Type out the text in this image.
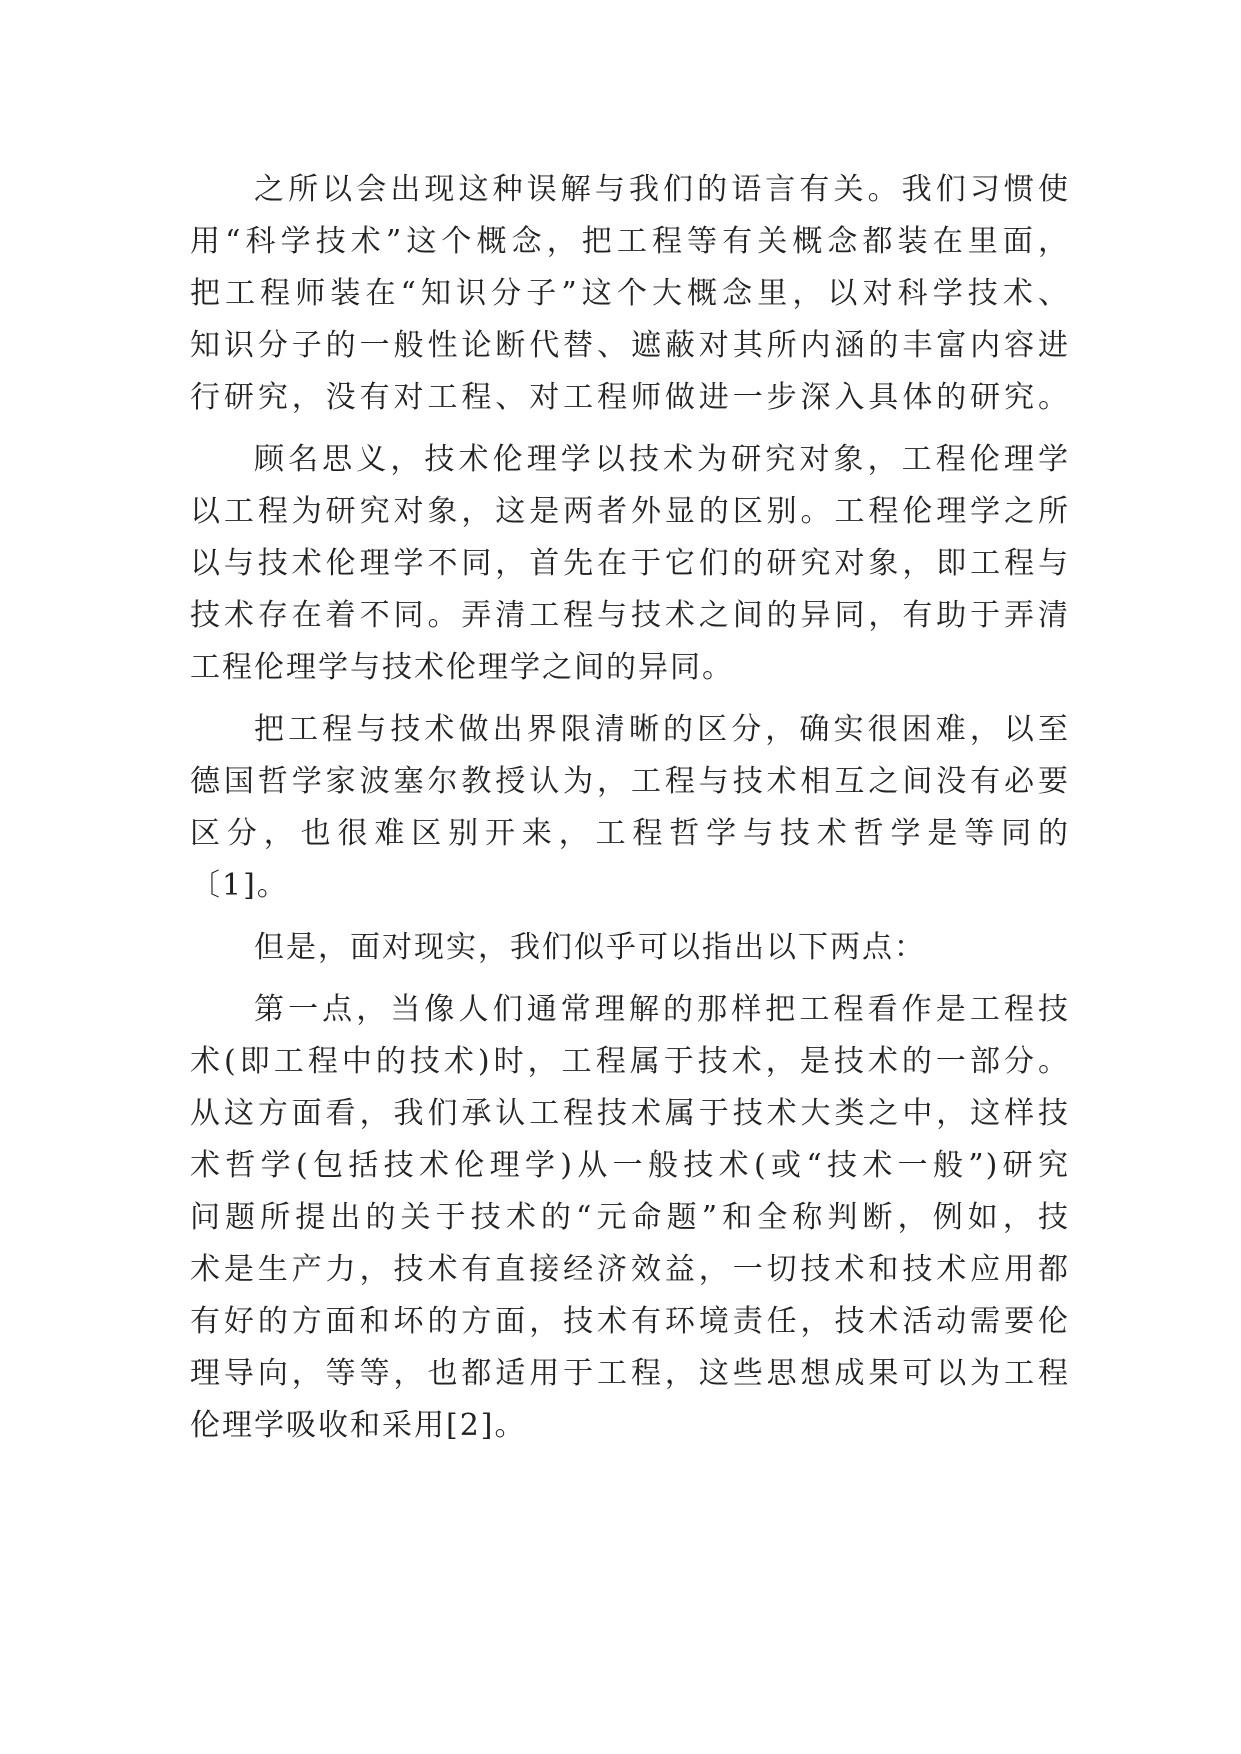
之所以会出现这种误解与我们的语言有关。我们习惯使
用“科学技术”这个概念，把工程等有关概念都装在里面，
把工程师装在“知识分子”这个大概念里，以对科学技术、
知识分子的一般性论断代替、遮蔽对其所内涵的丰富内容进
行研究，没有对工程、对工程师做进一步深入具体的研究。
顾名思义，技术伦理学以技术为研究对象，工程伦理学
以工程为研究对象，这是两者外显的区别。工程伦理学之所
以与技术伦理学不同，首先在于它们的研究对象，即工程与
技术存在着不同。弄清工程与技术之间的异同，有助于弄清
工程伦理学与技术伦理学之间的异同。
把工程与技术做出界限清晰的区分，确实很困难，以至
德国哲学家波塞尔教授认为，工程与技术相互之间没有必要
区分，也很难区别开来，工程哲学与技术哲学是等同的
〔1]。
但是，面对现实，我们似乎可以指出以下两点：
第一点，当像人们通常理解的那样把工程看作是工程技
术(即工程中的技术)时，工程属于技术，是技术的一部分。
从这方面看，我们承认工程技术属于技术大类之中，这样技
术哲学(包括技术伦理学)从一般技术(或“技术一般”)研究
问题所提出的关于技术的“元命题”和全称判断，例如，技
术是生产力，技术有直接经济效益，一切技术和技术应用都
有好的方面和坏的方面，技术有环境责任，技术活动需要伦
理导向，等等，也都适用于工程，这些思想成果可以为工程
伦理学吸收和采用[2]。
